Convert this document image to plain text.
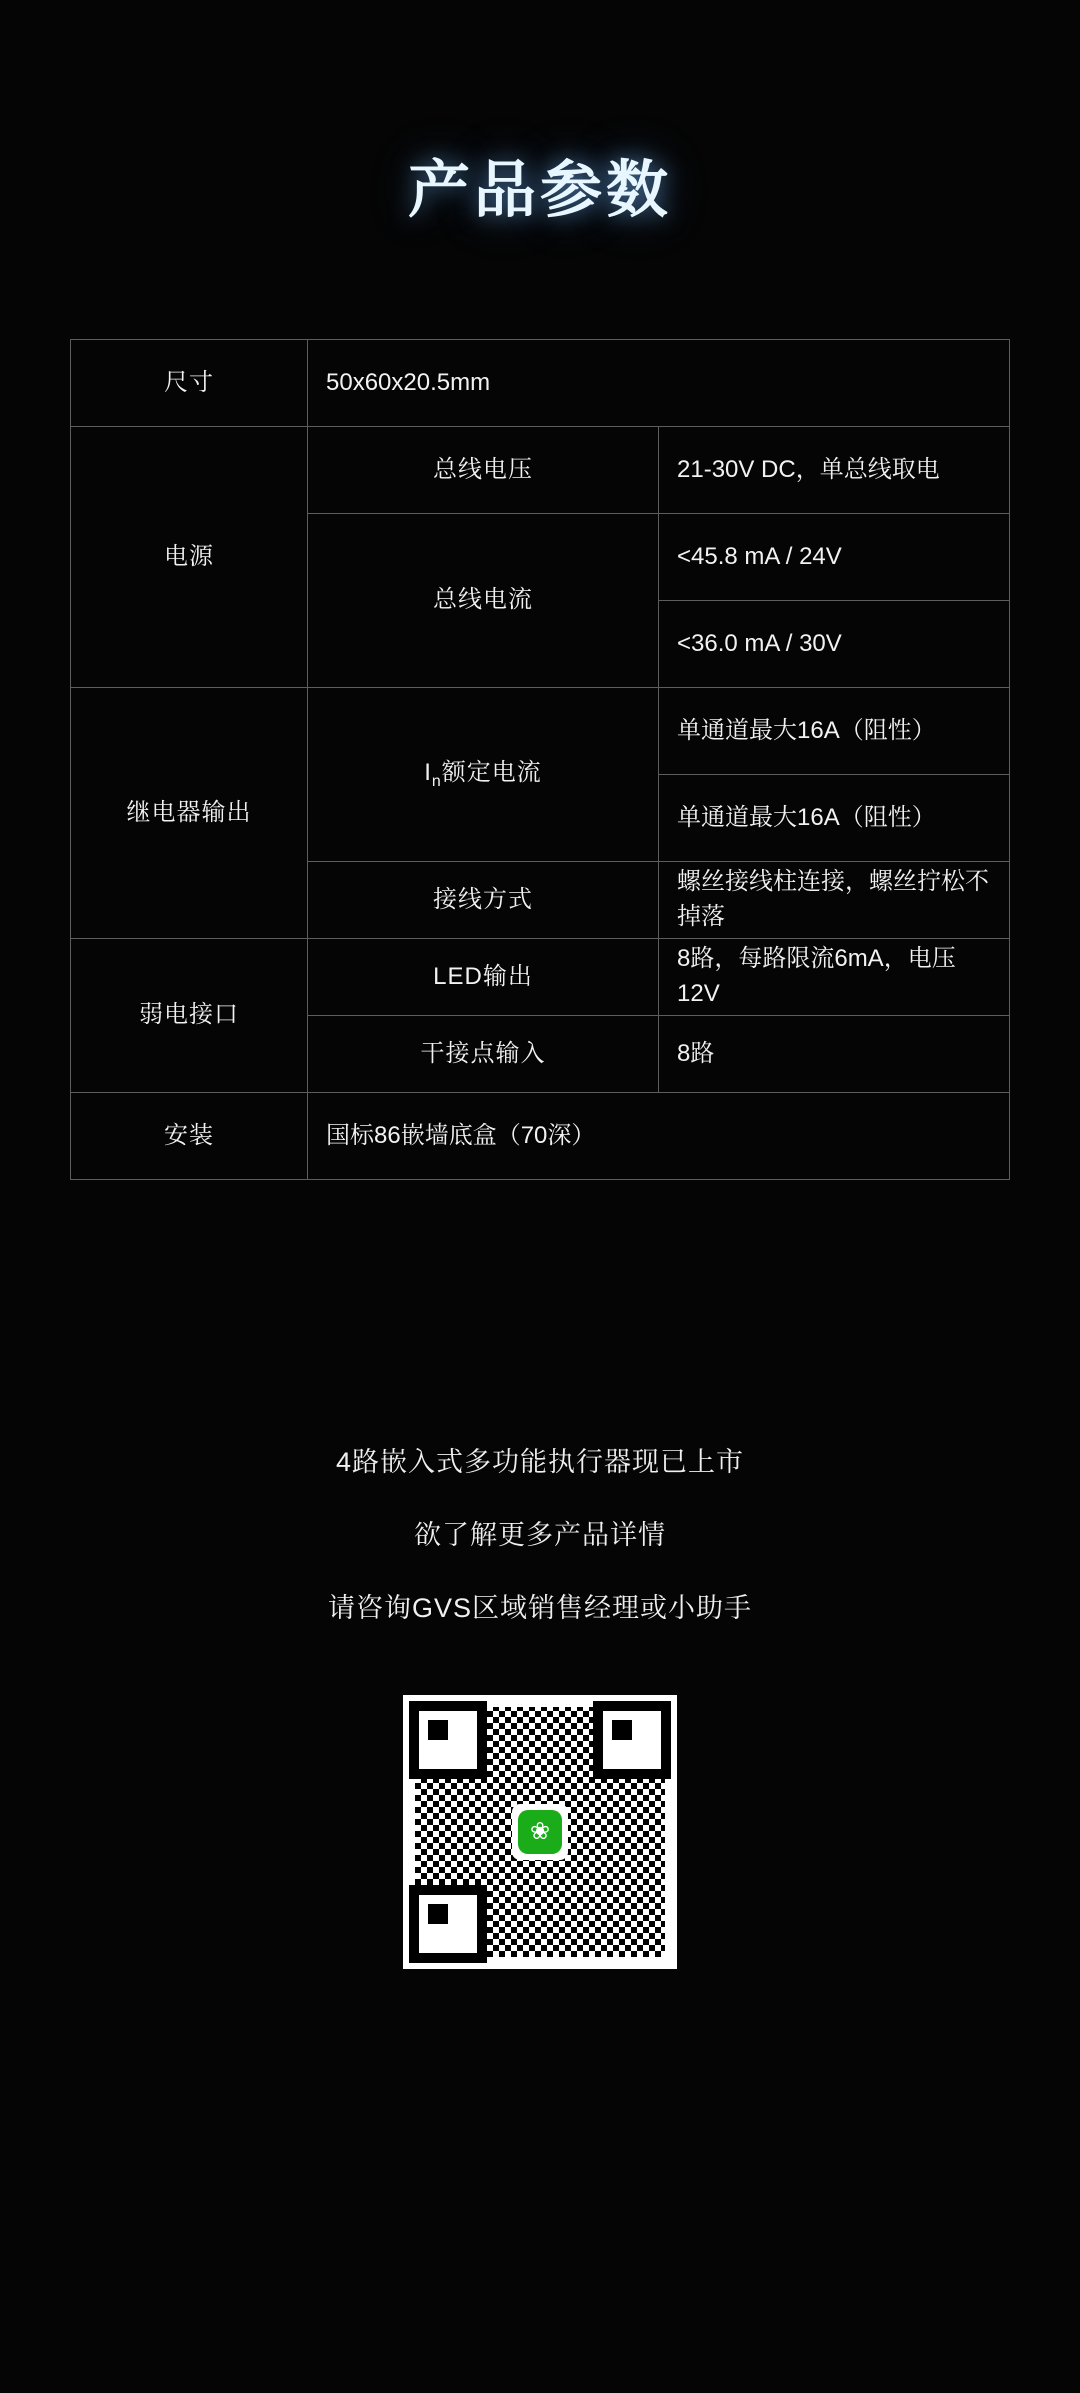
产品参数
尺寸	50x60x20.5mm	
电源	总线电压	21-30V DC，单总线取电
	总线电流	<45.8 mA / 24V
		<36.0 mA / 30V
继电器输出	$I_n$额定电流	单通道最大16A（阻性）
		单通道最大16A（阻性）
	接线方式	螺丝接线柱连接，螺丝拧松不掉落
弱电接口	LED输出	8路，每路限流6mA，电压12V
	干接点输入	8路
安装	国标86嵌墙底盒（70深）	
4路嵌入式多功能执行器现已上市
欲了解更多产品详情
请咨询GVS区域销售经理或小助手
❀
